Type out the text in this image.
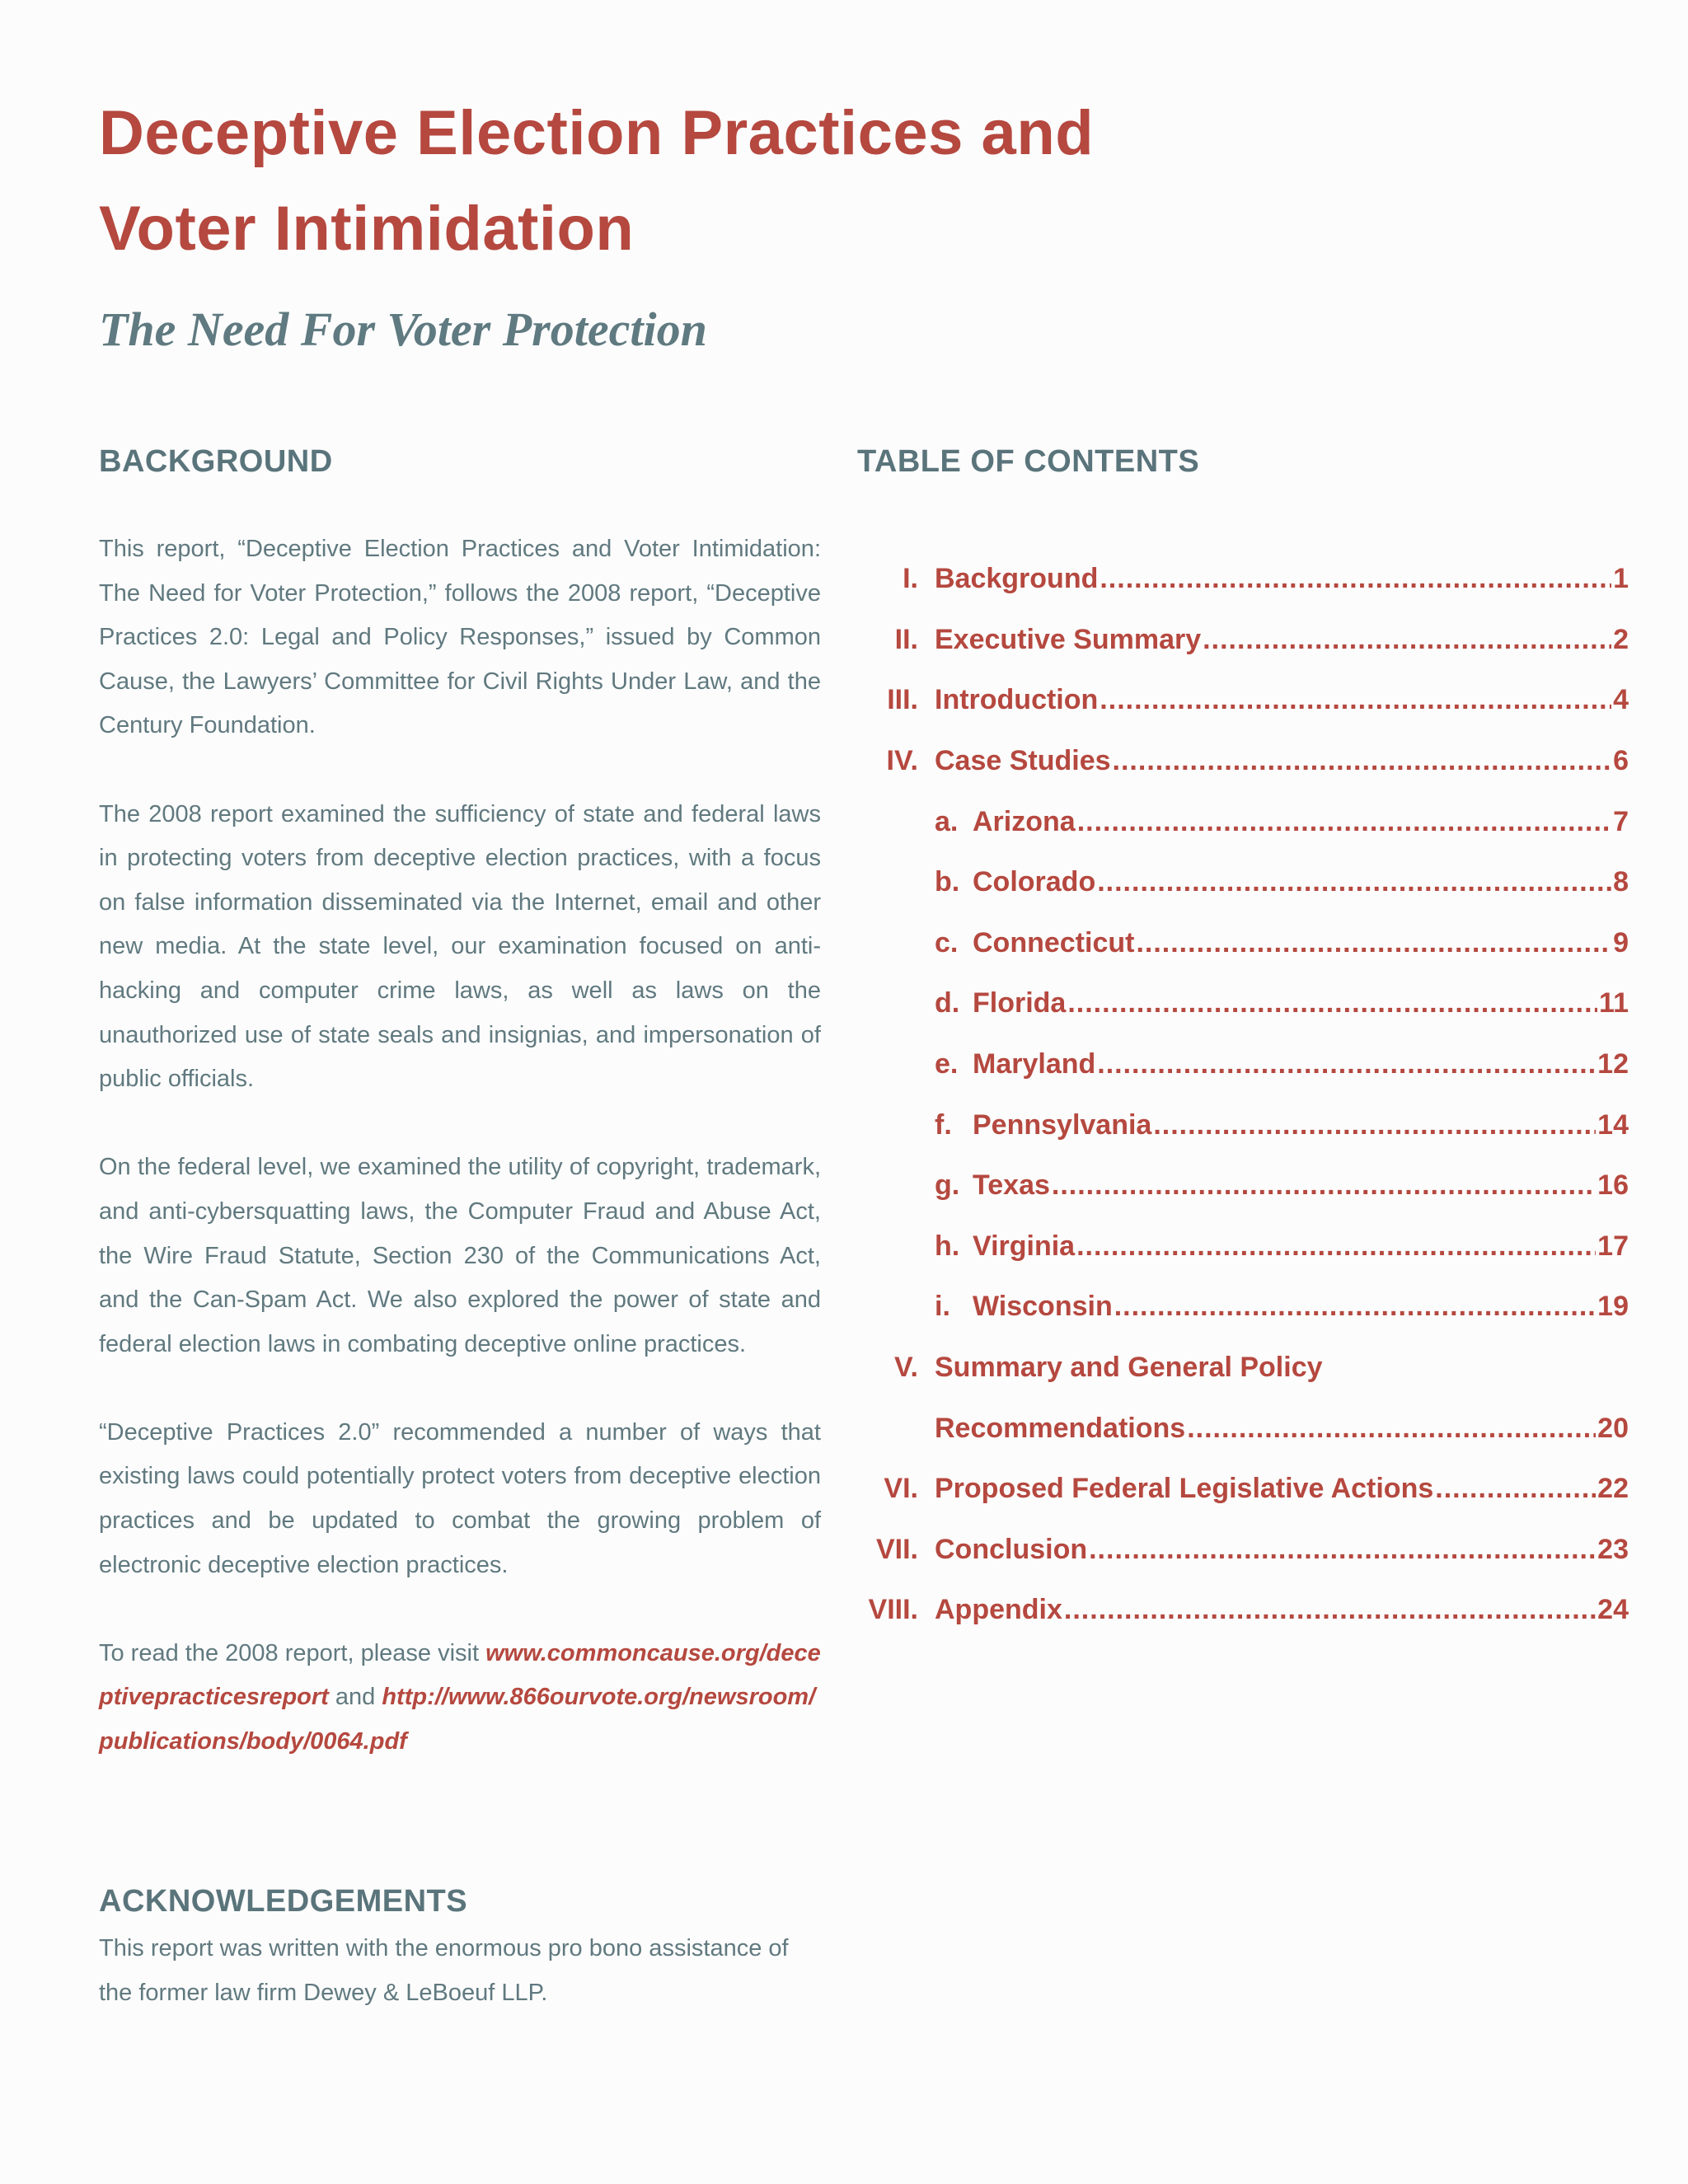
Deceptive Election Practices and
Voter Intimidation
The Need For Voter Protection
BACKGROUND

This report, “Deceptive Election Practices and Voter Intimidation: The Need for Voter Protection,” follows the 2008 report, “Deceptive Practices 2.0: Legal and Policy Responses,” issued by Common Cause, the Lawyers’ Committee for Civil Rights Under Law, and the Century Foundation.

The 2008 report examined the sufficiency of state and federal laws in protecting voters from deceptive election practices, with a focus on false information disseminated via the Internet, email and other new media. At the state level, our examination focused on anti-hacking and computer crime laws, as well as laws on the unauthorized use of state seals and insignias, and impersonation of public officials.

On the federal level, we examined the utility of copyright, trademark, and anti-cybersquatting laws, the Computer Fraud and Abuse Act, the Wire Fraud Statute, Section 230 of the Communications Act, and the Can-Spam Act. We also explored the power of state and federal election laws in combating deceptive online practices.

“Deceptive Practices 2.0” recommended a number of ways that existing laws could potentially protect voters from deceptive election practices and be updated to combat the growing problem of electronic deceptive election practices.

To read the 2008 report, please visit www.commoncause.org/deceptivepracticesreport and http://www.866ourvote.org/newsroom/publications/body/0064.pdf

ACKNOWLEDGEMENTS

This report was written with the enormous pro bono assistance of the former law firm Dewey & LeBoeuf LLP.

TABLE OF CONTENTS
I. Background .....	1
II. Executive Summary .....	2
III. Introduction .....	4
IV. Case Studies .....	6
a. Arizona .....	7
b. Colorado .....	8
c. Connecticut .....	9
d. Florida .....	11
e. Maryland .....	12
f. Pennsylvania .....	14
g. Texas .....	16
h. Virginia .....	17
i. Wisconsin .....	19
V. Summary and General Policy
Recommendations .....	20
VI. Proposed Federal Legislative Actions .....	22
VII. Conclusion .....	23
VIII. Appendix .....	24
